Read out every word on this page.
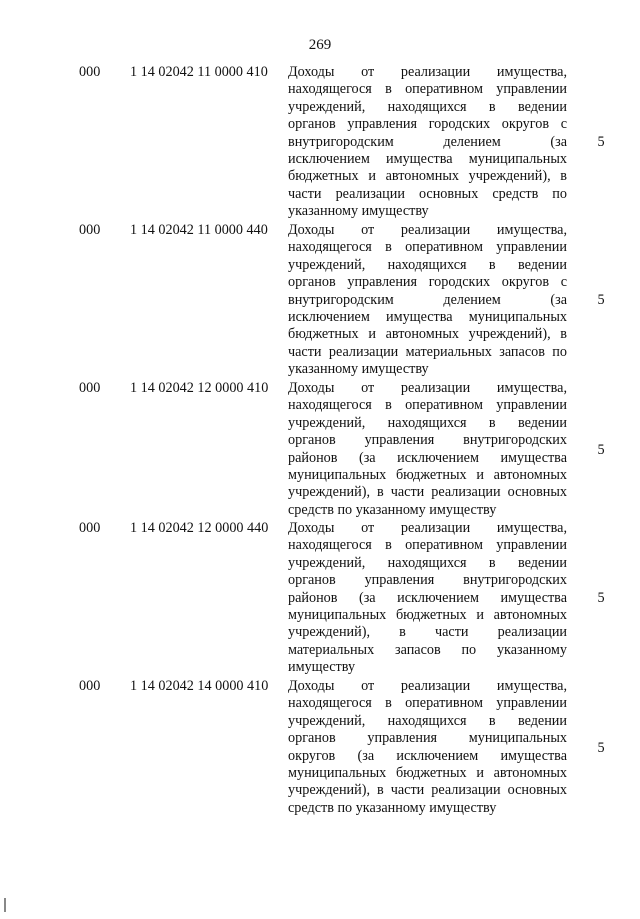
269
000 1 14 02042 11 0000 410 Доходы от реализации имущества,
находящегося в оперативном управлении
учреждений, находящихся в ведении
органов управления городских округов с
внутригородским делением (за
исключением имущества муниципальных
бюджетных и автономных учреждений), в
части реализации основных средств по
указанному имуществу
5
000 1 14 02042 11 0000 440 Доходы от реализации имущества,
находящегося в оперативном управлении
учреждений, находящихся в ведении
органов управления городских округов с
внутригородским делением (за
исключением имущества муниципальных
бюджетных и автономных учреждений), в
части реализации материальных запасов по
указанному имуществу
5
000 1 14 02042 12 0000 410 Доходы от реализации имущества,
находящегося в оперативном управлении
учреждений, находящихся в ведении
органов управления внутригородских
районов (за исключением имущества
муниципальных бюджетных и автономных
учреждений), в части реализации основных
средств по указанному имуществу
5
000 1 14 02042 12 0000 440 Доходы от реализации имущества,
находящегося в оперативном управлении
учреждений, находящихся в ведении
органов управления внутригородских
районов (за исключением имущества
муниципальных бюджетных и автономных
учреждений), в части реализации
материальных запасов по указанному
имуществу
5
000 1 14 02042 14 0000 410 Доходы от реализации имущества,
находящегося в оперативном управлении
учреждений, находящихся в ведении
органов управления муниципальных
округов (за исключением имущества
муниципальных бюджетных и автономных
учреждений), в части реализации основных
средств по указанному имуществу
5
